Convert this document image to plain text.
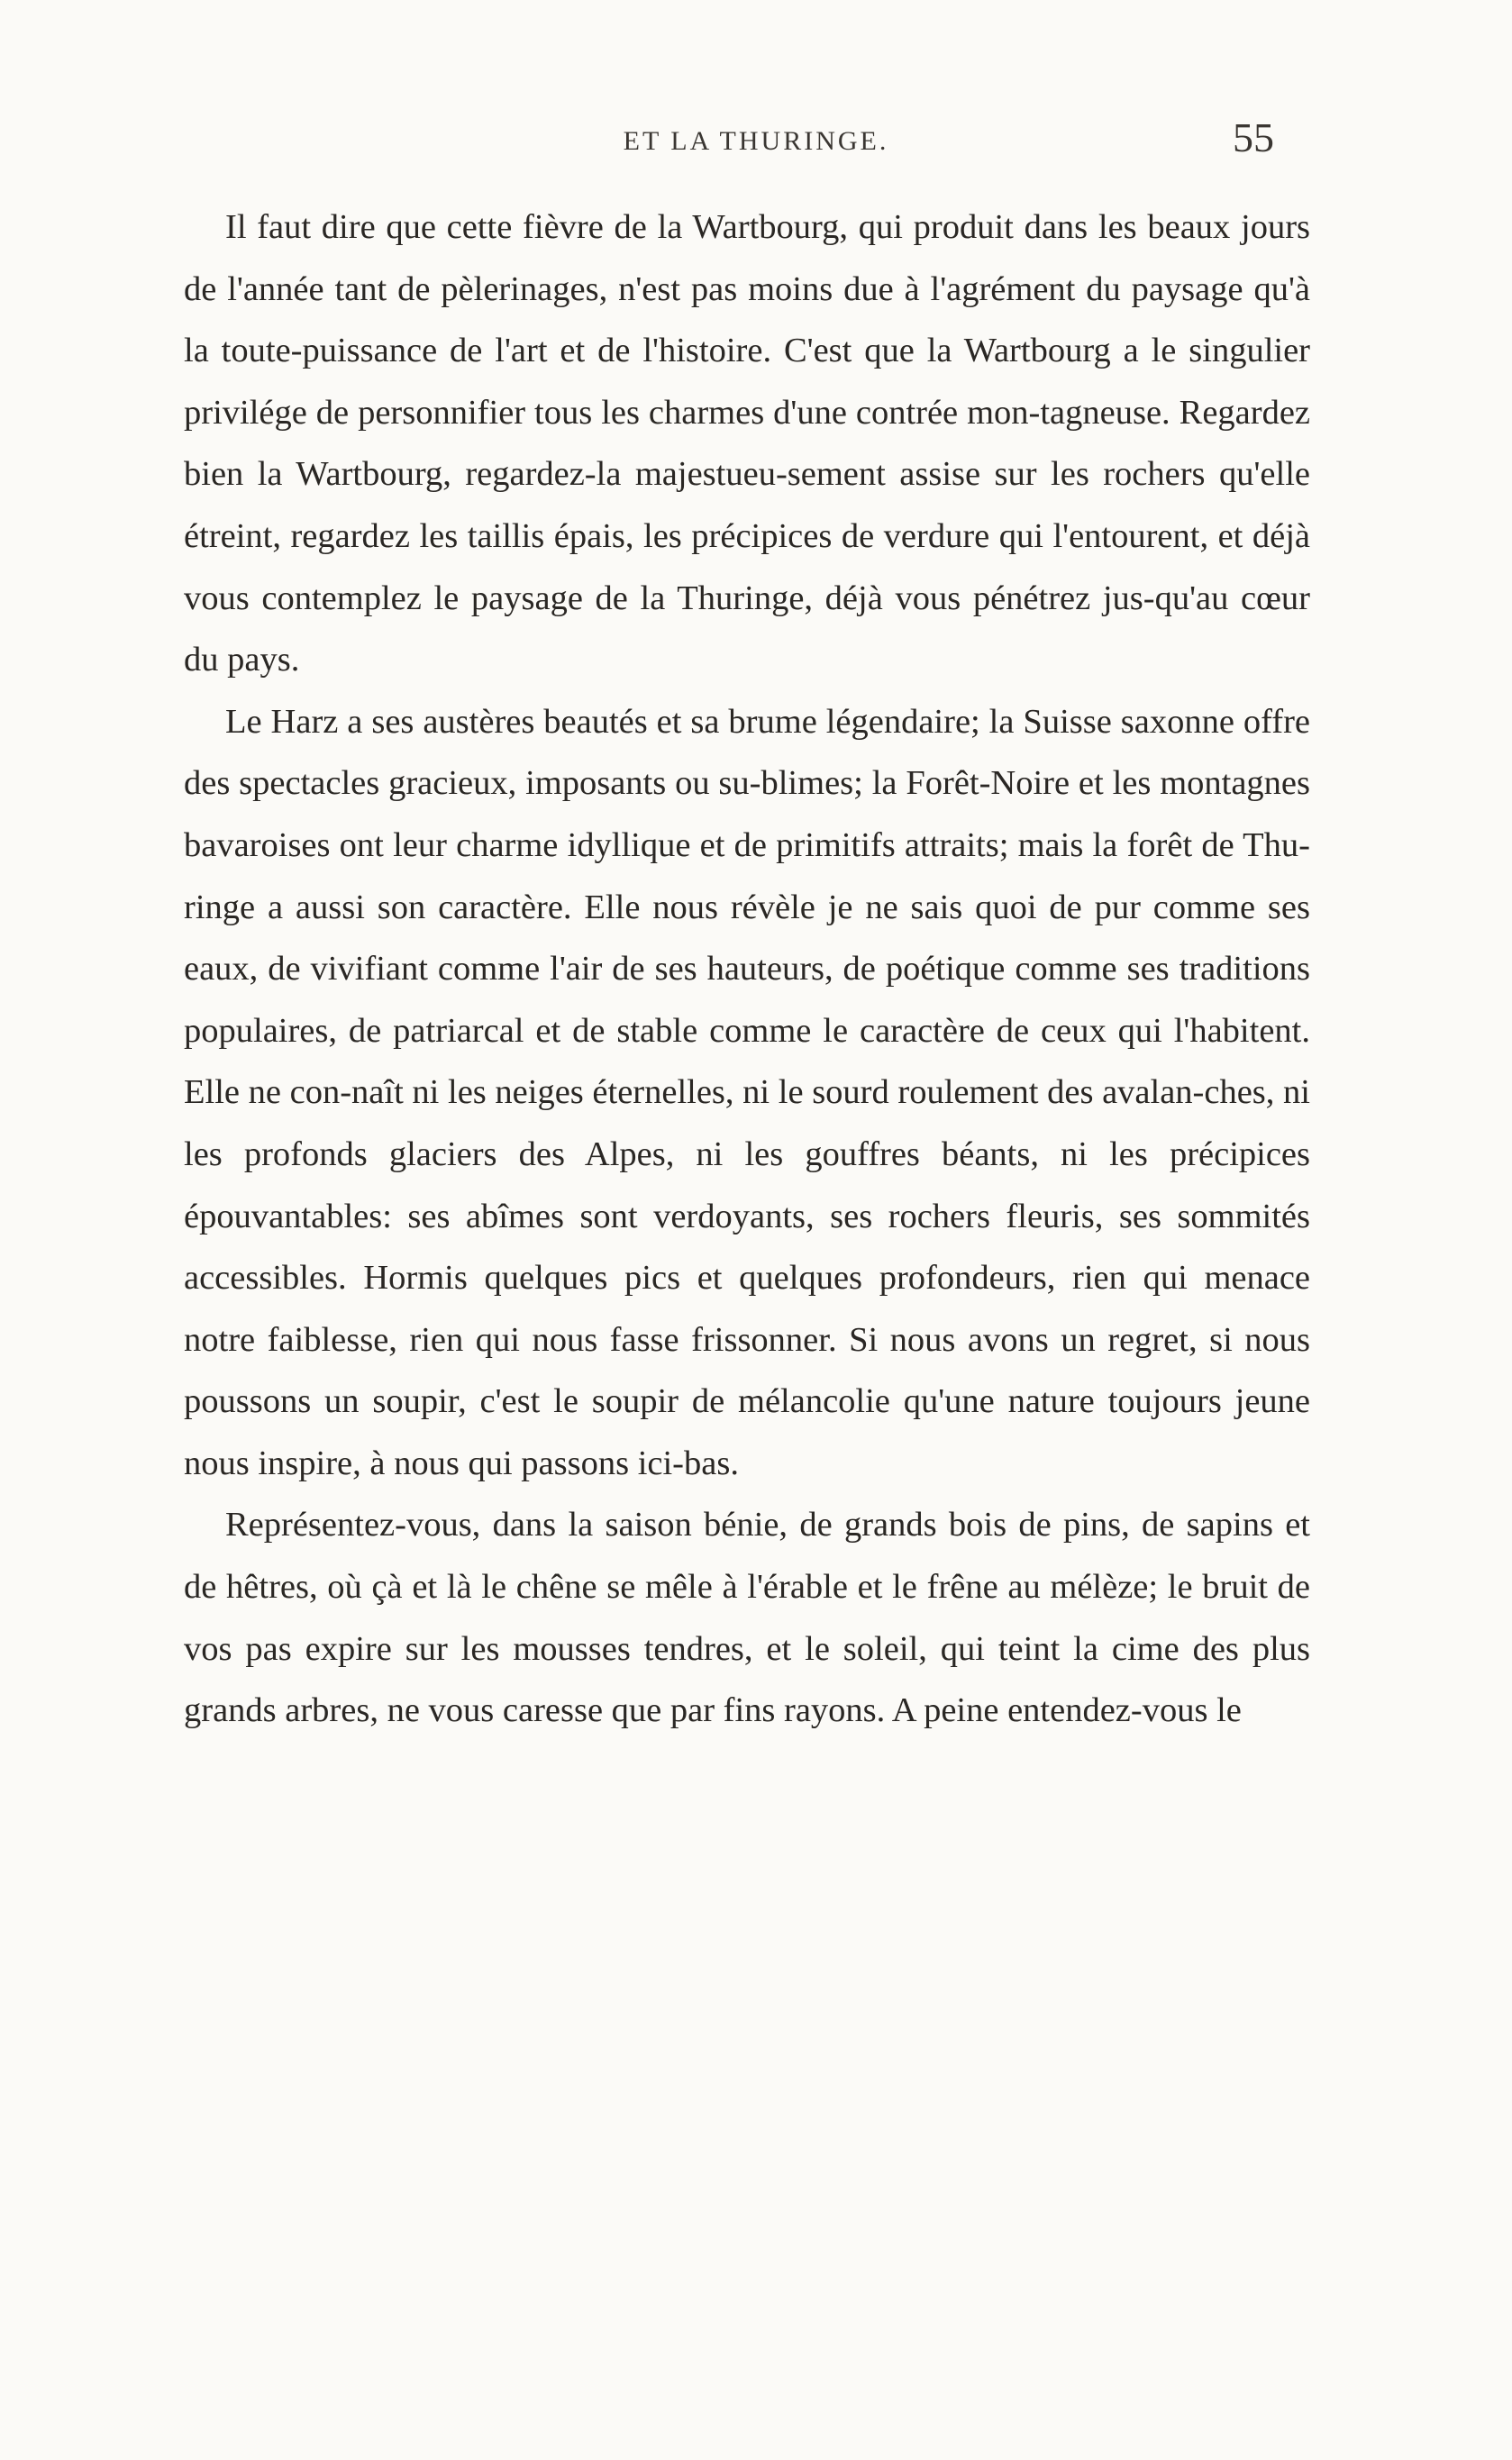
ET LA THURINGE.	55

Il faut dire que cette fièvre de la Wartbourg, qui produit dans les beaux jours de l'année tant de pèlerinages, n'est pas moins due à l'agrément du paysage qu'à la toute-puissance de l'art et de l'histoire. C'est que la Wartbourg a le singulier privilége de personnifier tous les charmes d'une contrée mon-tagneuse. Regardez bien la Wartbourg, regardez-la majestueu-sement assise sur les rochers qu'elle étreint, regardez les taillis épais, les précipices de verdure qui l'entourent, et déjà vous contemplez le paysage de la Thuringe, déjà vous pénétrez jus-qu'au cœur du pays.

Le Harz a ses austères beautés et sa brume légendaire; la Suisse saxonne offre des spectacles gracieux, imposants ou su-blimes; la Forêt-Noire et les montagnes bavaroises ont leur charme idyllique et de primitifs attraits; mais la forêt de Thu-ringe a aussi son caractère. Elle nous révèle je ne sais quoi de pur comme ses eaux, de vivifiant comme l'air de ses hauteurs, de poétique comme ses traditions populaires, de patriarcal et de stable comme le caractère de ceux qui l'habitent. Elle ne con-naît ni les neiges éternelles, ni le sourd roulement des avalan-ches, ni les profonds glaciers des Alpes, ni les gouffres béants, ni les précipices épouvantables: ses abîmes sont verdoyants, ses rochers fleuris, ses sommités accessibles. Hormis quelques pics et quelques profondeurs, rien qui menace notre faiblesse, rien qui nous fasse frissonner. Si nous avons un regret, si nous poussons un soupir, c'est le soupir de mélancolie qu'une nature toujours jeune nous inspire, à nous qui passons ici-bas.

Représentez-vous, dans la saison bénie, de grands bois de pins, de sapins et de hêtres, où çà et là le chêne se mêle à l'érable et le frêne au mélèze; le bruit de vos pas expire sur les mousses tendres, et le soleil, qui teint la cime des plus grands arbres, ne vous caresse que par fins rayons. A peine entendez-vous le
